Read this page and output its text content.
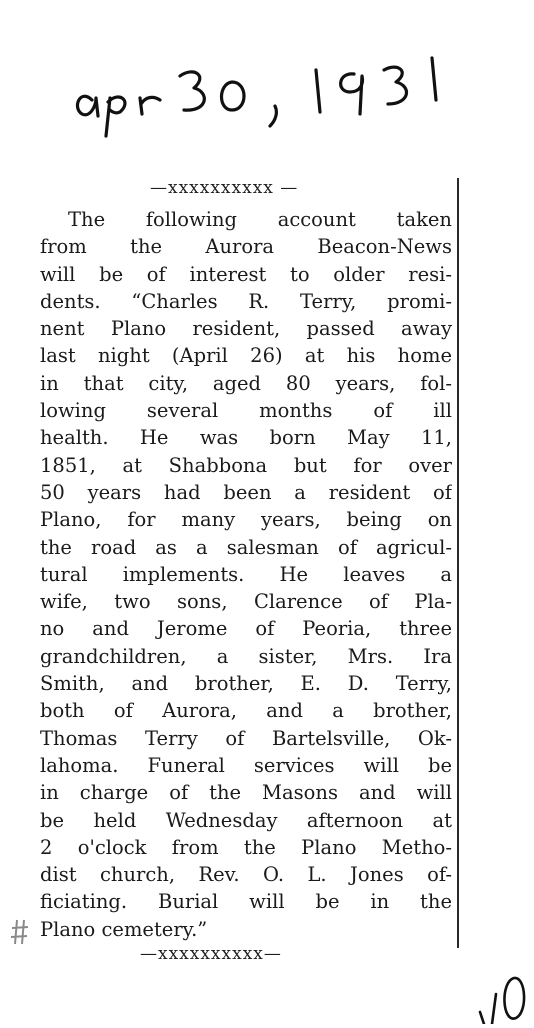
—xxxxxxxxxx —
The following account taken
from the Aurora Beacon-News
will be of interest to older resi-
dents. “Charles R. Terry, promi-
nent Plano resident, passed away
last night (April 26) at his home
in that city, aged 80 years, fol-
lowing several months of ill
health. He was born May 11,
1851, at Shabbona but for over
50 years had been a resident of
Plano, for many years, being on
the road as a salesman of agricul-
tural implements. He leaves a
wife, two sons, Clarence of Pla-
no and Jerome of Peoria, three
grandchildren, a sister, Mrs. Ira
Smith, and brother, E. D. Terry,
both of Aurora, and a brother,
Thomas Terry of Bartelsville, Ok-
lahoma. Funeral services will be
in charge of the Masons and will
be held Wednesday afternoon at
2 o'clock from the Plano Metho-
dist church, Rev. O. L. Jones of-
ficiating. Burial will be in the
Plano cemetery.”
—xxxxxxxxxx—
